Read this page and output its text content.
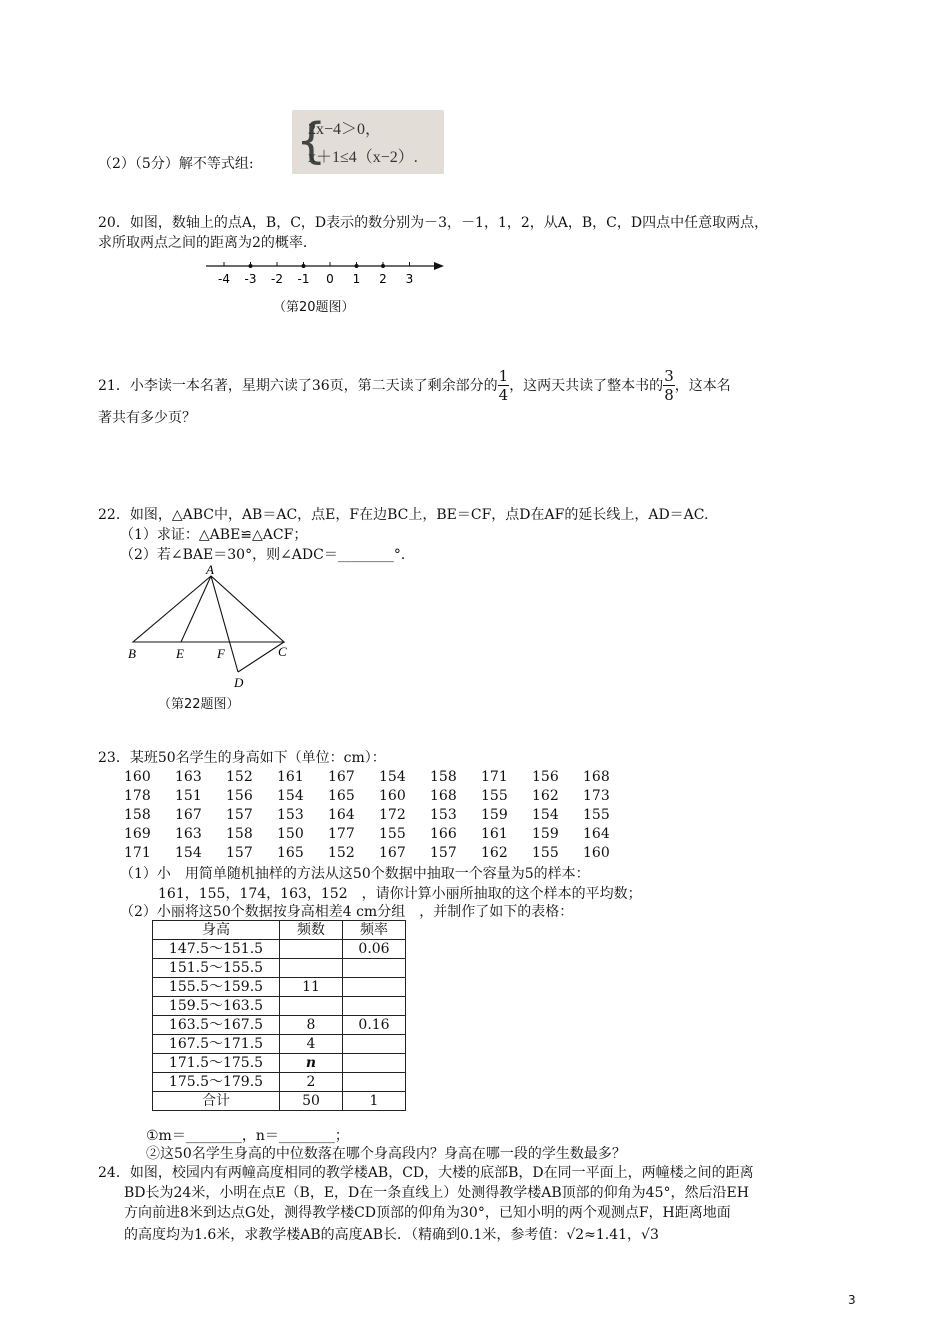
（2）（5分）解不等式组: {
2x−4＞0，
x＋1≤4（x−2）.
20．如图，数轴上的点A，B，C，D表示的数分别为－3，－1，1，2，从A，B，C，D四点中任意取两点，
求所取两点之间的距离为2的概率．
-4 -3 -2 -1 0 1 2 3
（第20题图）
21．小李读一本名著，星期六读了36页，第二天读了剩余部分的 $\frac{1}{4}$ ，这两天共读了整本书的 $\frac{3}{8}$ ，这本名
著共有多少页？
22．如图，△ABC中，AB＝AC，点E，F在边BC上，BE＝CF，点D在AF的延长线上，AD＝AC.
（1）求证：△ABE≌△ACF；
（2）若∠BAE＝30°，则∠ADC＝________°．
A
B	E	F	C
D
（第22题图）
23．某班50名学生的身高如下（单位：cm）：
160 163 152 161 167 154 158 171 156 168
178 151 156 154 165 160 168 155 162 173
158 167 157 153 164 172 153 159 154 155
169 163 158 150 177 155 166 161 159 164
171 154 157 165 152 167 157 162 155 160
（1）小　用简单随机抽样的方法从这50个数据中抽取一个容量为5的样本：
161，155，174，163，152　，请你计算小丽所抽取的这个样本的平均数；
（2）小丽将这50个数据按身高相差4 cm分组　，并制作了如下的表格：
身高	频数	频率
147.5～151.5		0.06
151.5～155.5		
155.5～159.5	11	
159.5～163.5		
163.5～167.5	8	0.16
167.5～171.5	4	
171.5～175.5	n	
175.5～179.5	2	
合计	50	1
①m＝________，n＝________；
②这50名学生身高的中位数落在哪个身高段内？身高在哪一段的学生数最多？
24．如图，校园内有两幢高度相同的教学楼AB，CD，大楼的底部B，D在同一平面上，两幢楼之间的距离
BD长为24米，小明在点E（B，E，D在一条直线上）处测得教学楼AB顶部的仰角为45°，然后沿EH
方向前进8米到达点G处，测得教学楼CD顶部的仰角为30°，已知小明的两个观测点F，H距离地面
的高度均为1.6米，求教学楼AB的高度AB长．（精确到0.1米，参考值：√2≈1.41，√3
3
